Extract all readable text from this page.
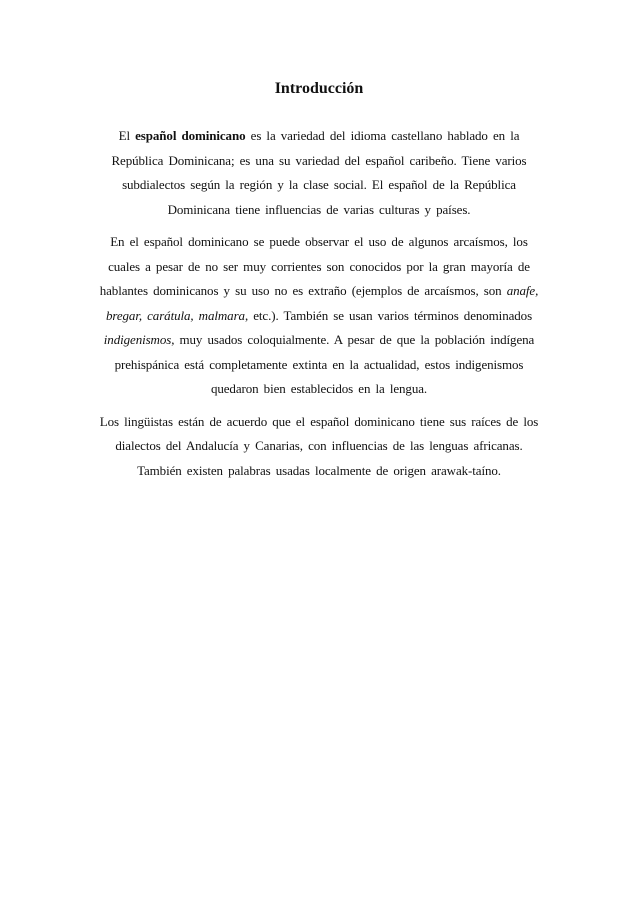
Introducción

El español dominicano es la variedad del idioma castellano hablado en la República Dominicana; es una su variedad del español caribeño. Tiene varios subdialectos según la región y la clase social. El español de la República Dominicana tiene influencias de varias culturas y países.

En el español dominicano se puede observar el uso de algunos arcaísmos, los cuales a pesar de no ser muy corrientes son conocidos por la gran mayoría de hablantes dominicanos y su uso no es extraño (ejemplos de arcaísmos, son anafe, bregar, carátula, malmara, etc.). También se usan varios términos denominados indigenismos, muy usados coloquialmente. A pesar de que la población indígena prehispánica está completamente extinta en la actualidad, estos indigenismos quedaron bien establecidos en la lengua.

Los lingüistas están de acuerdo que el español dominicano tiene sus raíces de los dialectos del Andalucía y Canarias, con influencias de las lenguas africanas. También existen palabras usadas localmente de origen arawak-taíno.
